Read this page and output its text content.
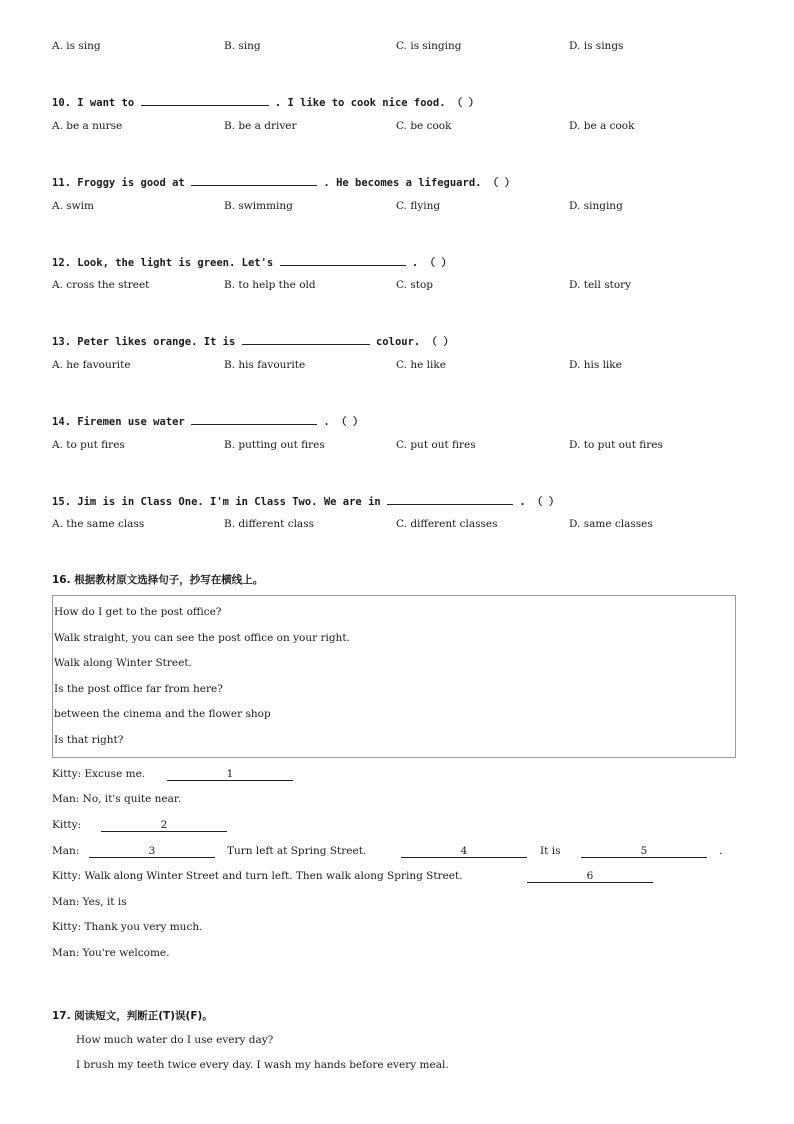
A. is sing	B. sing	C. is singing	D. is sings
10. I want to	. I like to cook nice food. （ ）
A. be a nurse	B. be a driver	C. be cook	D. be a cook
11. Froggy is good at	. He becomes a lifeguard. （ ）
A. swim	B. swimming	C. flying	D. singing
12. Look, the light is green. Let's	. （ ）
A. cross the street	B. to help the old	C. stop	D. tell story
13. Peter likes orange. It is	colour. （ ）
A. he favourite	B. his favourite	C. he like	D. his like
14. Firemen use water	. （ ）
A. to put fires	B. putting out fires	C. put out fires	D. to put out fires
15. Jim is in Class One. I'm in Class Two. We are in	. （ ）
A. the same class	B. different class	C. different classes	D. same classes
16. 根据教材原文选择句子，抄写在横线上。
How do I get to the post office?
Walk straight, you can see the post office on your right.
Walk along Winter Street.
Is the post office far from here?
between the cinema and the flower shop
Is that right?
Kitty: Excuse me.	1
Man: No, it's quite near.
Kitty:	2
Man:	3	Turn left at Spring Street.	4	It is	5	.
Kitty: Walk along Winter Street and turn left. Then walk along Spring Street.	6
Man: Yes, it is
Kitty: Thank you very much.
Man: You're welcome.
17. 阅读短文，判断正(T)误(F)。
How much water do I use every day?
I brush my teeth twice every day. I wash my hands before every meal.
